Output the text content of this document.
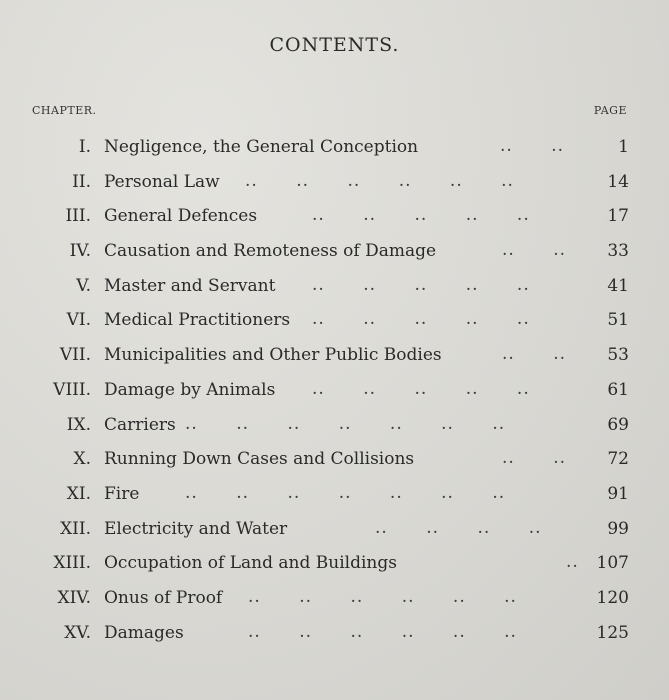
CONTENTS.
CHAPTER.	PAGE
I. Negligence, the General Conception	..      ..	1
II. Personal Law ..      ..      ..      ..      ..      ..	14
III. General Defences	..      ..      ..      ..      ..	17
IV. Causation and Remoteness of Damage	..      .. 33
V. Master and Servant ..      ..      ..      ..      ..	41
VI. Medical Practitioners ..      ..      ..      ..      ..	51
VII. Municipalities and Other Public Bodies	..      .. 53
VIII. Damage by Animals ..      ..      ..      ..      ..	61
IX. Carriers ..      ..      ..      ..      ..      ..      ..	69
X. Running Down Cases and Collisions	..      .. 72
XI. Fire	..      ..      ..      ..      ..      ..      ..	91
XII. Electricity and Water	..      ..      ..      ..	99
XIII. Occupation of Land and Buildings	.. 107
XIV. Onus of Proof ..      ..      ..      ..      ..      ..	120
XV. Damages	..      ..      ..      ..      ..      ..	125
